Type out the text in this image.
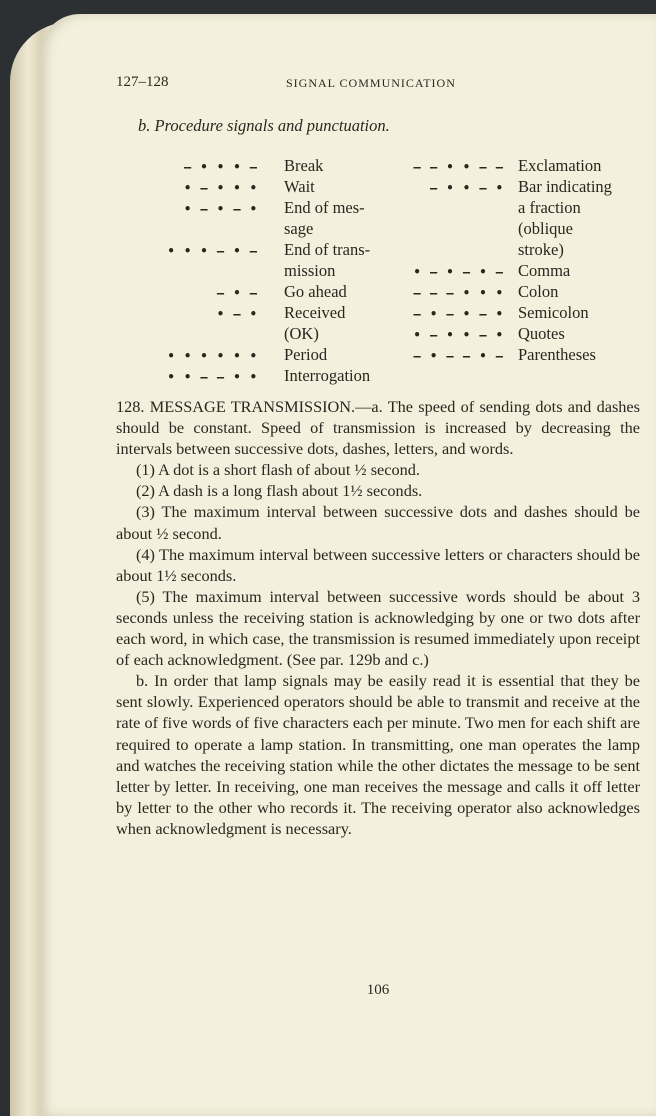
127–128	SIGNAL COMMUNICATION
b. Procedure signals and punctuation.
— • • • — Break
• — • • • Wait
• — • — • End of mes-
sage
• • • — • — End of trans-
mission
— • — Go ahead
• — • Received
(OK)
• • • • • • Period
• • — — • • Interrogation
— — • • — — Exclamation
— • • — • Bar indicating
a fraction
(oblique
stroke)
• — • — • — Comma
— — — • • • Colon
— • — • — • Semicolon
• — • • — • Quotes
— • — — • — Parentheses

128. MESSAGE TRANSMISSION.—a. The speed of sending dots and dashes should be constant. Speed of transmission is increased by decreasing the intervals between successive dots, dashes, letters, and words.

(1) A dot is a short flash of about ½ second.

(2) A dash is a long flash about 1½ seconds.

(3) The maximum interval between successive dots and dashes should be about ½ second.

(4) The maximum interval between successive letters or characters should be about 1½ seconds.

(5) The maximum interval between successive words should be about 3 seconds unless the receiving station is acknowledging by one or two dots after each word, in which case, the transmission is resumed immediately upon receipt of each acknowledgment. (See par. 129b and c.)

b. In order that lamp signals may be easily read it is essential that they be sent slowly. Experienced operators should be able to transmit and receive at the rate of five words of five characters each per minute. Two men for each shift are required to operate a lamp station. In transmitting, one man operates the lamp and watches the receiving station while the other dictates the message to be sent letter by letter. In receiving, one man receives the message and calls it off letter by letter to the other who records it. The receiving operator also acknowledges when acknowledgment is necessary.

106
